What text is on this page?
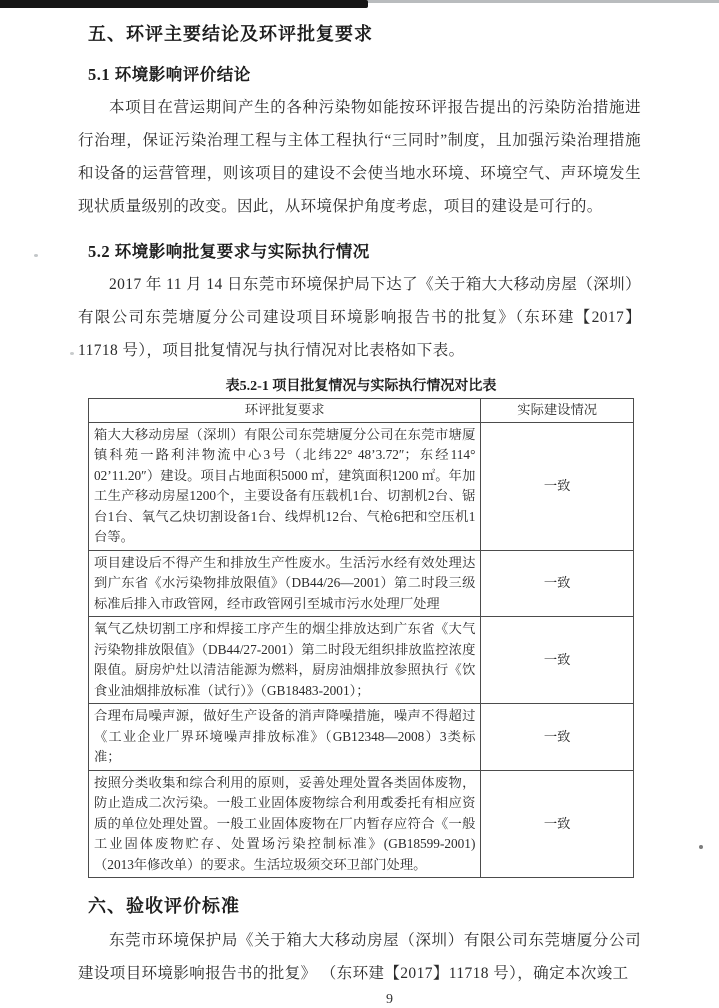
五、环评主要结论及环评批复要求
5.1 环境影响评价结论

本项目在营运期间产生的各种污染物如能按环评报告提出的污染防治措施进行治理，保证污染治理工程与主体工程执行“三同时”制度，且加强污染治理措施和设备的运营管理，则该项目的建设不会使当地水环境、环境空气、声环境发生现状质量级别的改变。因此，从环境保护角度考虑，项目的建设是可行的。

5.2 环境影响批复要求与实际执行情况

2017 年 11 月 14 日东莞市环境保护局下达了《关于箱大大移动房屋（深圳）有限公司东莞塘厦分公司建设项目环境影响报告书的批复》（东环建【2017】11718 号），项目批复情况与执行情况对比表格如下表。

表5.2-1 项目批复情况与实际执行情况对比表
环评批复要求	实际建设情况
箱大大移动房屋（深圳）有限公司东莞塘厦分公司在东莞市塘厦镇科苑一路利沣物流中心3号（北纬22° 48’3.72″；东经114° 02’11.20″）建设。项目占地面积5000 ㎡，建筑面积1200 ㎡。年加工生产移动房屋1200个，主要设备有压载机1台、切割机2台、锯台1台、氧气乙炔切割设备1台、线焊机12台、气枪6把和空压机1台等。	一致
项目建设后不得产生和排放生产性废水。生活污水经有效处理达到广东省《水污染物排放限值》（DB44/26—2001）第二时段三级标准后排入市政管网，经市政管网引至城市污水处理厂处理	一致
氧气乙炔切割工序和焊接工序产生的烟尘排放达到广东省《大气污染物排放限值》（DB44/27-2001）第二时段无组织排放监控浓度限值。厨房炉灶以清洁能源为燃料，厨房油烟排放参照执行《饮食业油烟排放标准（试行）》（GB18483-2001）；	一致
合理布局噪声源，做好生产设备的消声降噪措施，噪声不得超过《工业企业厂界环境噪声排放标准》（GB12348—2008）3类标准；	一致
按照分类收集和综合利用的原则，妥善处理处置各类固体废物，防止造成二次污染。一般工业固体废物综合利用或委托有相应资质的单位处理处置。一般工业固体废物在厂内暂存应符合《一般工业固体废物贮存、处置场污染控制标准》(GB18599-2001)（2013年修改单）的要求。生活垃圾须交环卫部门处理。	一致
六、验收评价标准

东莞市环境保护局《关于箱大大移动房屋（深圳）有限公司东莞塘厦分公司建设项目环境影响报告书的批复》 （东环建【2017】11718 号），确定本次竣工

9
